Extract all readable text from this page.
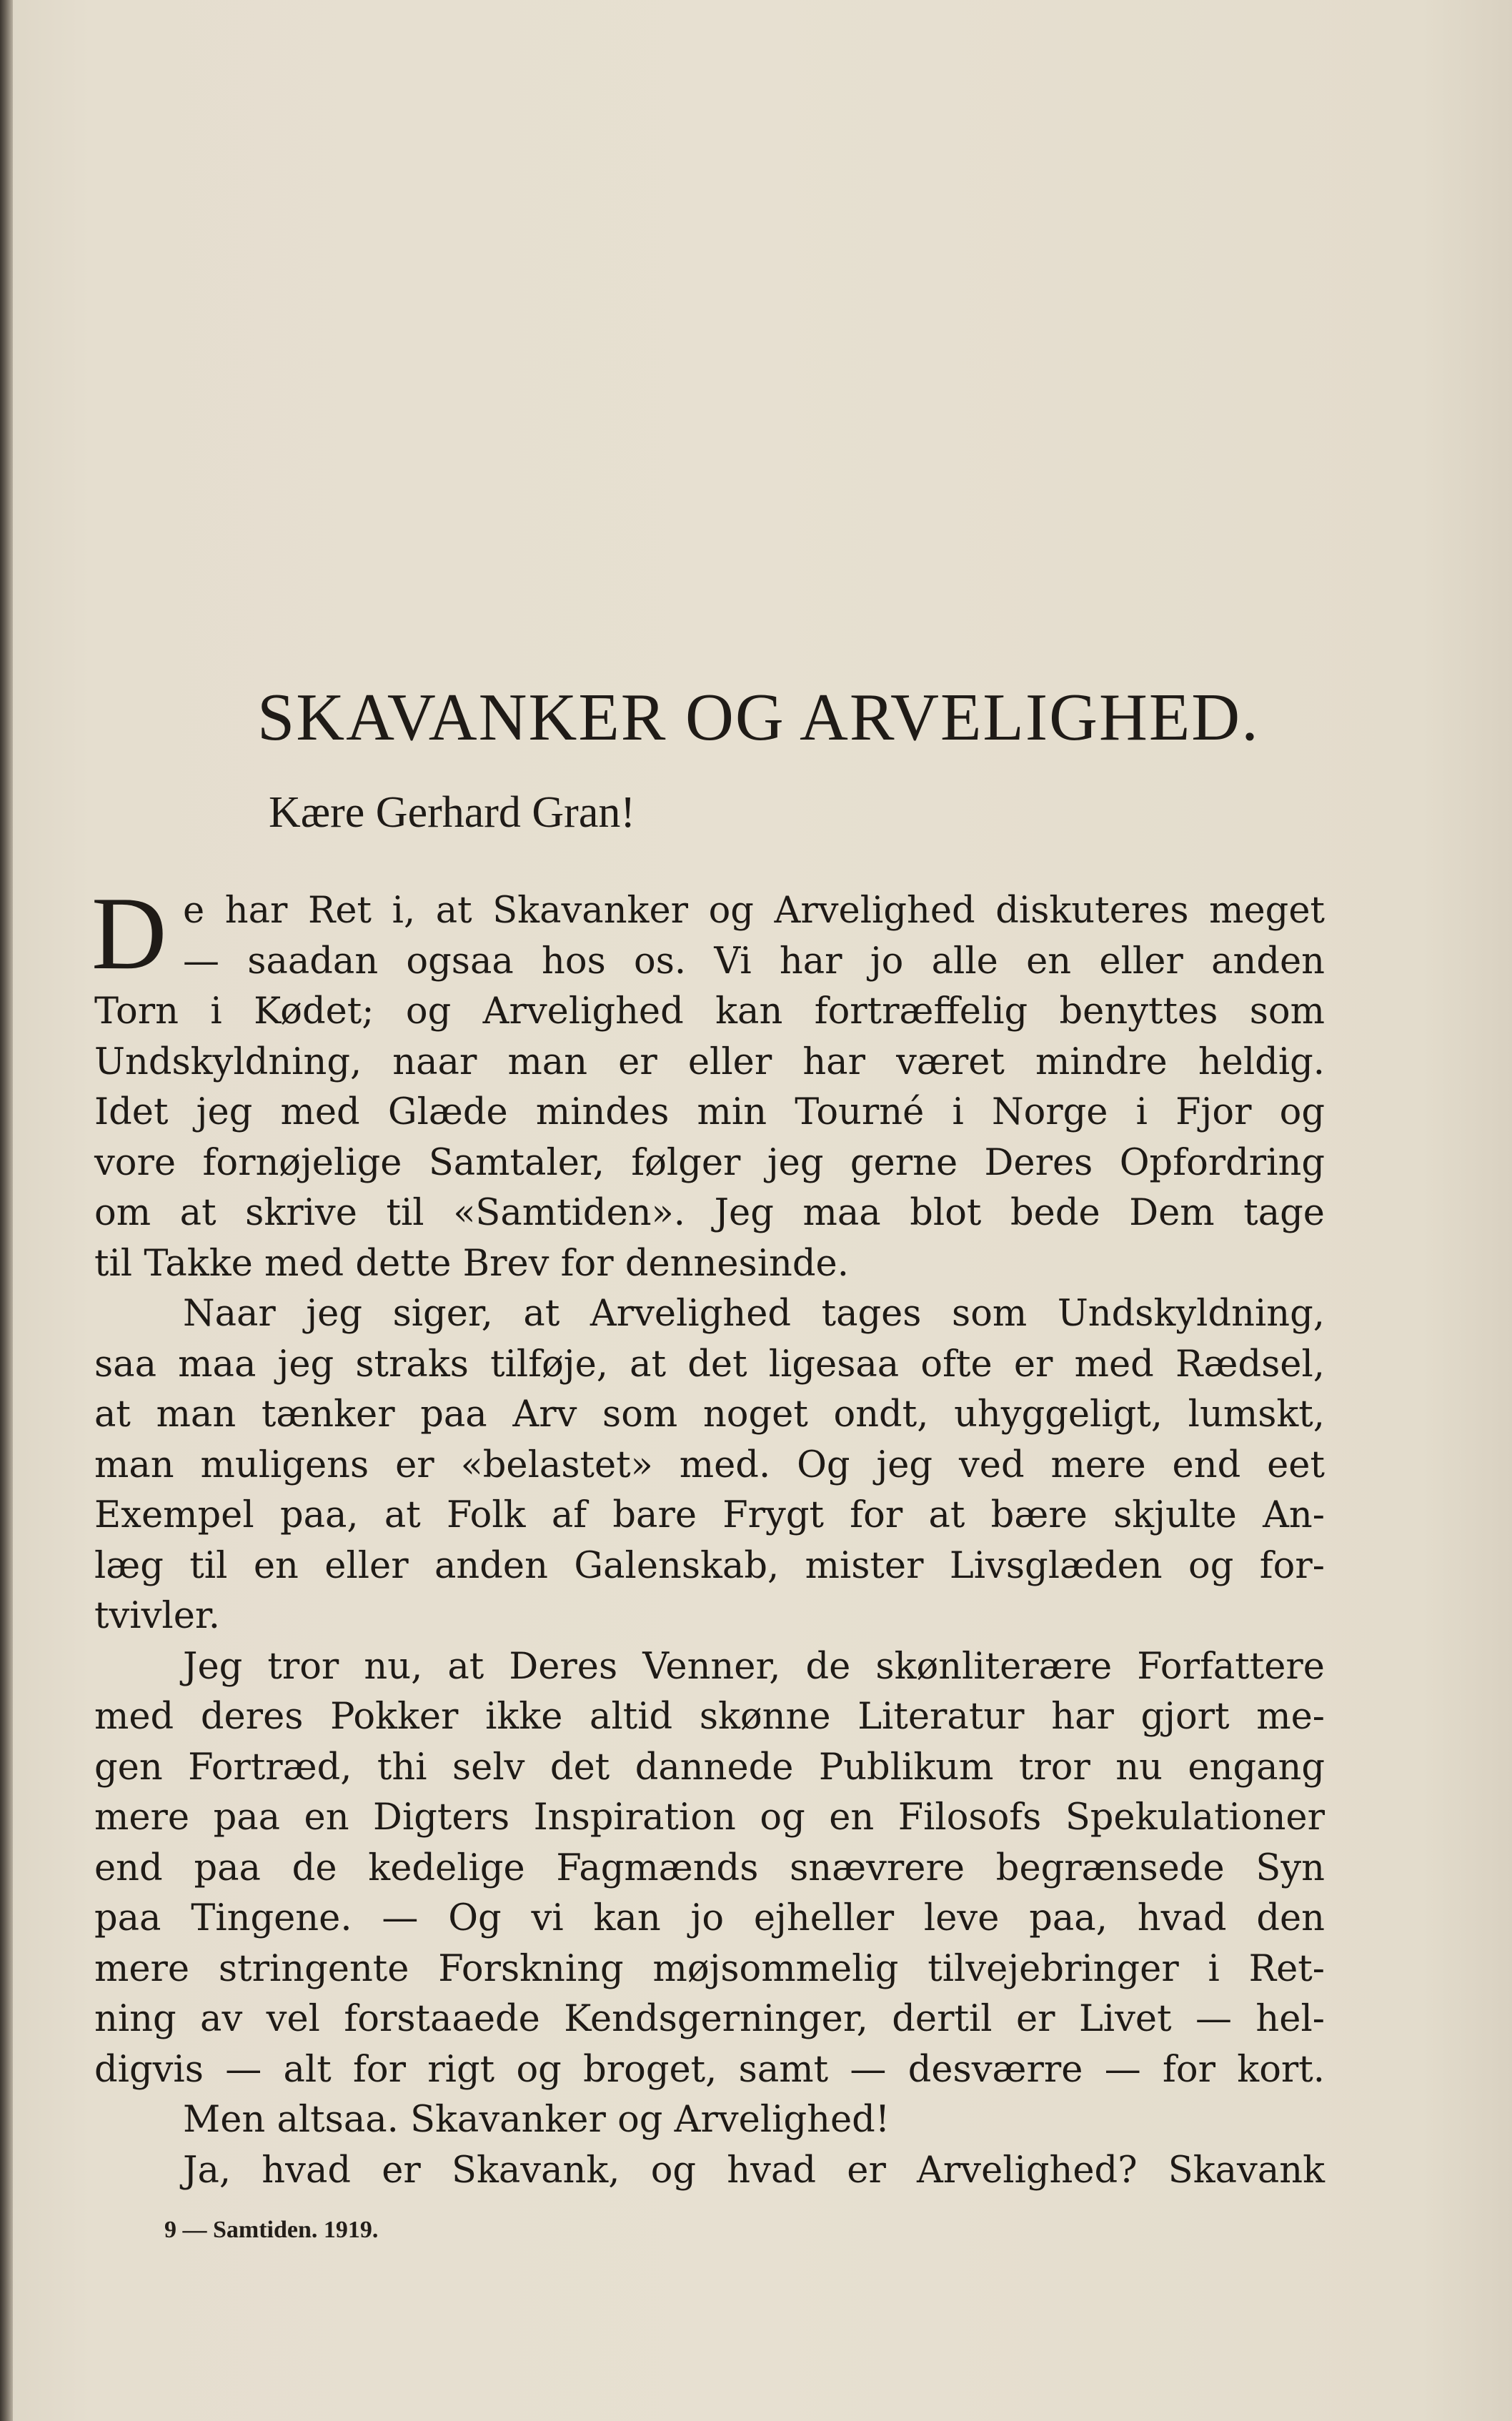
SKAVANKER OG ARVELIGHED.

Kære Gerhard Gran!

D e har Ret i, at Skavanker og Arvelighed diskuteres meget
— saadan ogsaa hos os. Vi har jo alle en eller anden
Torn i Kødet; og Arvelighed kan fortræffelig benyttes som
Undskyldning, naar man er eller har været mindre heldig.
Idet jeg med Glæde mindes min Tourné i Norge i Fjor og
vore fornøjelige Samtaler, følger jeg gerne Deres Opfordring
om at skrive til «Samtiden». Jeg maa blot bede Dem tage
til Takke med dette Brev for dennesinde.
Naar jeg siger, at Arvelighed tages som Undskyldning,
saa maa jeg straks tilføje, at det ligesaa ofte er med Rædsel,
at man tænker paa Arv som noget ondt, uhyggeligt, lumskt,
man muligens er «belastet» med. Og jeg ved mere end eet
Exempel paa, at Folk af bare Frygt for at bære skjulte An-
læg til en eller anden Galenskab, mister Livsglæden og for-
tvivler.
Jeg tror nu, at Deres Venner, de skønliterære Forfattere
med deres Pokker ikke altid skønne Literatur har gjort me-
gen Fortræd, thi selv det dannede Publikum tror nu engang
mere paa en Digters Inspiration og en Filosofs Spekulationer
end paa de kedelige Fagmænds snævrere begrænsede Syn
paa Tingene. — Og vi kan jo ejheller leve paa, hvad den
mere stringente Forskning møjsommelig tilvejebringer i Ret-
ning av vel forstaaede Kendsgerninger, dertil er Livet — hel-
digvis — alt for rigt og broget, samt — desværre — for kort.
Men altsaa. Skavanker og Arvelighed!
Ja, hvad er Skavank, og hvad er Arvelighed? Skavank

9 — Samtiden. 1919.
